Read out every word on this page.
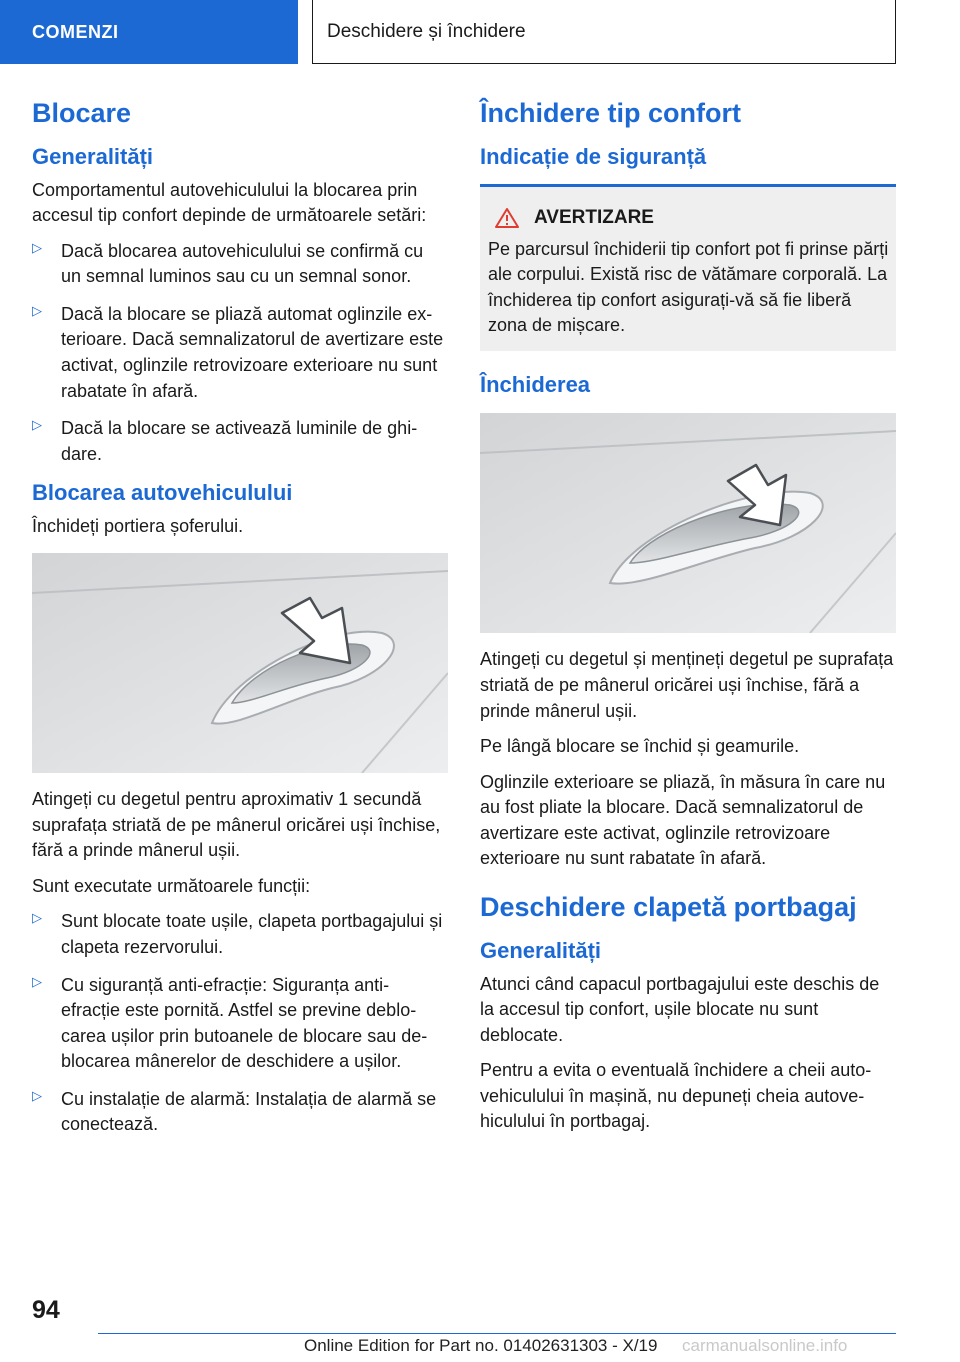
COMENZI	Deschidere și închidere
Blocare
Generalități

Comportamentul autovehiculului la blocarea prin accesul tip confort depinde de următoarele setări:

▷ Dacă blocarea autovehiculului se confirmă cu un semnal luminos sau cu un semnal sonor.
▷ Dacă la blocare se pliază automat oglinzile exterioare. Dacă semnalizatorul de avertizare este activat, oglinzile retrovizoare exterioare nu sunt rabatate în afară.
▷ Dacă la blocare se activează luminile de ghidare.
Blocarea autovehiculului

Închideți portiera șoferului.

Atingeți cu degetul pentru aproximativ 1 secundă suprafața striată de pe mânerul oricărei uși închise, fără a prinde mânerul ușii.

Sunt executate următoarele funcții:

▷ Sunt blocate toate ușile, clapeta portbagajului și clapeta rezervorului.
▷ Cu siguranță anti-efracție: Siguranța anti-efracție este pornită. Astfel se previne deblocarea ușilor prin butoanele de blocare sau deblocarea mânerelor de deschidere a ușilor.
▷ Cu instalație de alarmă: Instalația de alarmă se conectează.
Închidere tip confort
Indicație de siguranță
AVERTIZARE

Pe parcursul închiderii tip confort pot fi prinse părți ale corpului. Există risc de vătămare corporală. La închiderea tip confort asigurați-vă să fie liberă zona de mișcare.

Închiderea

Atingeți cu degetul și mențineți degetul pe suprafața striată de pe mânerul oricărei uși închise, fără a prinde mânerul ușii.

Pe lângă blocare se închid și geamurile.

Oglinzile exterioare se pliază, în măsura în care nu au fost pliate la blocare. Dacă semnalizatorul de avertizare este activat, oglinzile retrovizoare exterioare nu sunt rabatate în afară.

Deschidere clapetă portbagaj
Generalități

Atunci când capacul portbagajului este deschis de la accesul tip confort, ușile blocate nu sunt deblocate.

Pentru a evita o eventuală închidere a cheii autovehiculului în mașină, nu depuneți cheia autovehiculului în portbagaj.

94
Online Edition for Part no. 01402631303 - X/19 carmanualsonline.info
